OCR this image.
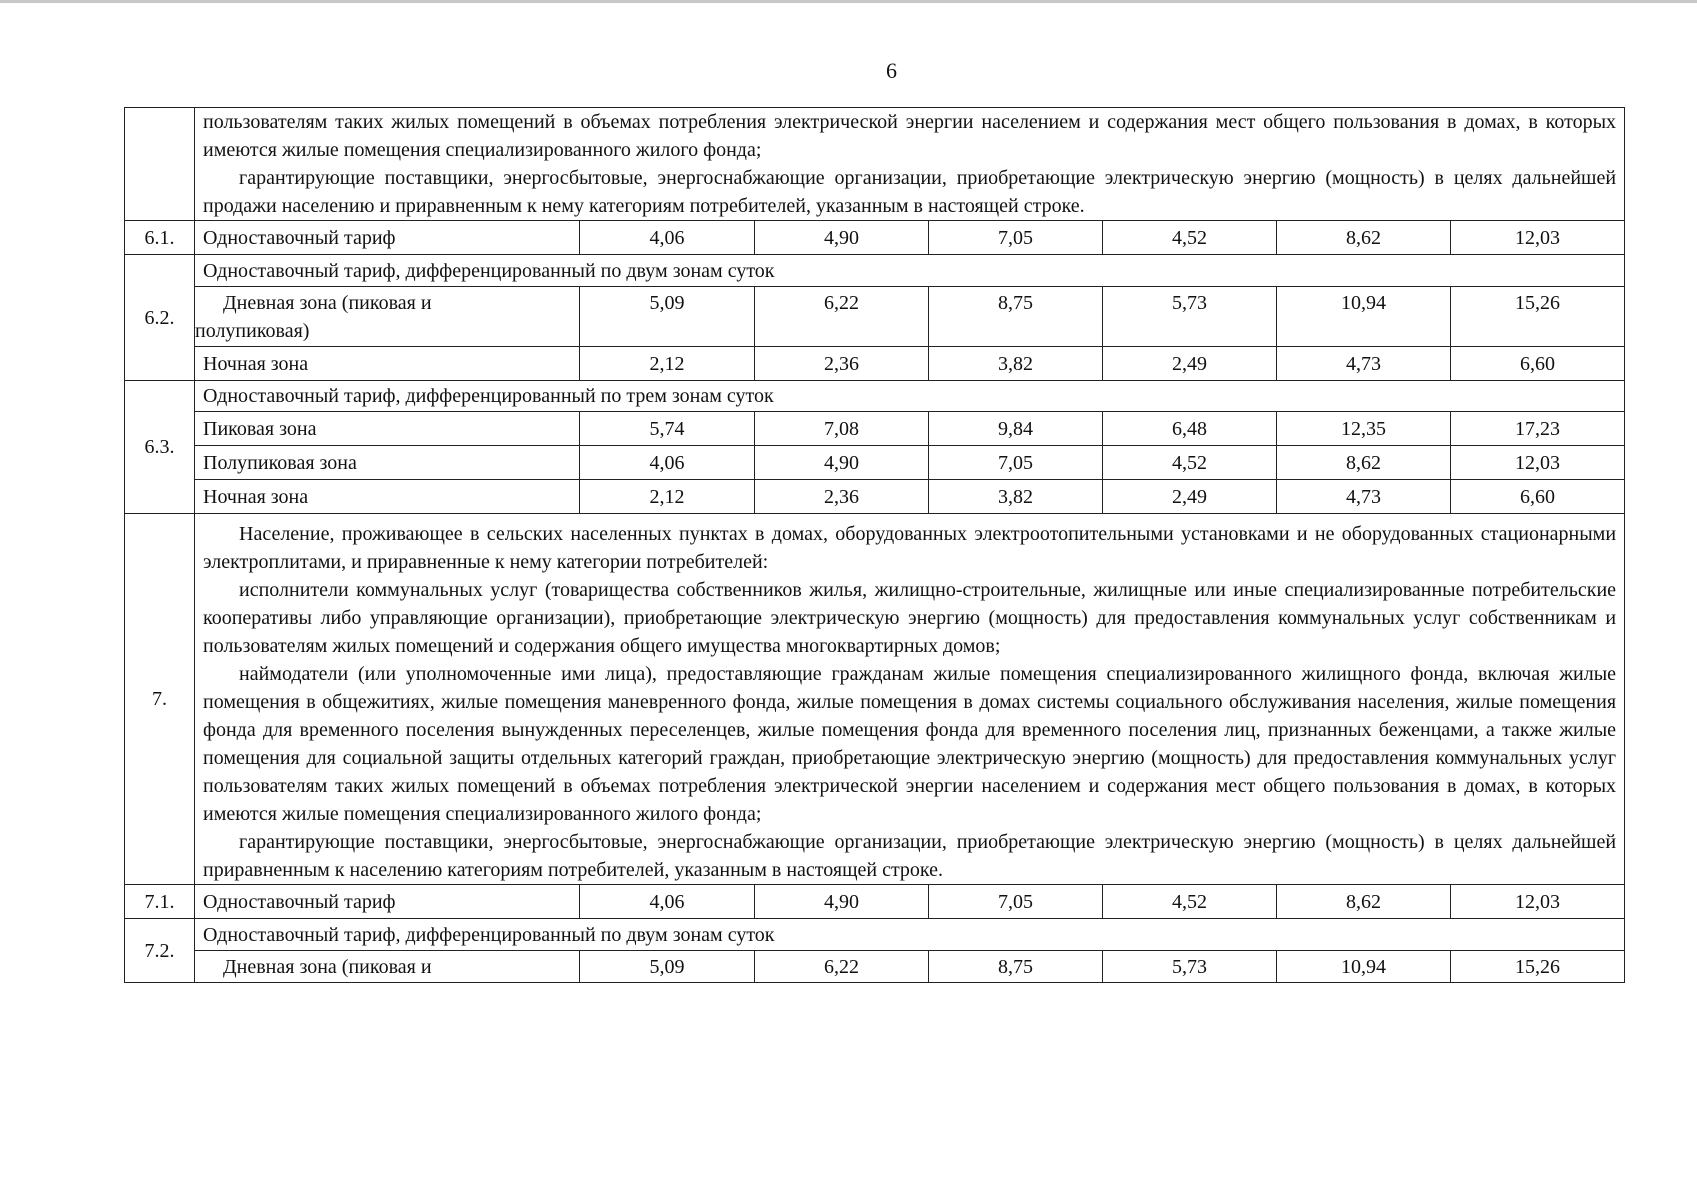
6

	пользователям таких жилых помещений в объемах потребления электрической энергии населением и содержания мест общего пользования в домах, в которых имеются жилые помещения специализированного жилого фонда;

гарантирующие поставщики, энергосбытовые, энергоснабжающие организации, приобретающие электрическую энергию (мощность) в целях дальнейшей продажи населению и приравненным к нему категориям потребителей, указанным в настоящей строке.						

6.1.	Одноставочный тариф	4,06	4,90	7,05	4,52	8,62	12,03
6.2.	Одноставочный тариф, дифференцированный по двум зонам суток						

	Дневная зона (пиковая и
полупиковая)	5,09	6,22	8,75	5,73	10,94	15,26
	Ночная зона	2,12	2,36	3,82	2,49	4,73	6,60
6.3.	Одноставочный тариф, дифференцированный по трем зонам суток						
	Пиковая зона	5,74	7,08	9,84	6,48	12,35	17,23
	Полупиковая зона	4,06	4,90	7,05	4,52	8,62	12,03
	Ночная зона	2,12	2,36	3,82	2,49	4,73	6,60
7.	Население, проживающее в сельских населенных пунктах в домах, оборудованных электроотопительными установками и не оборудованных стационарными электроплитами, и приравненные к нему категории потребителей:

исполнители коммунальных услуг (товарищества собственников жилья, жилищно-строительные, жилищные или иные специализированные потребительские кооперативы либо управляющие организации), приобретающие электрическую энергию (мощность) для предоставления коммунальных услуг собственникам и пользователям жилых помещений и содержания общего имущества многоквартирных домов;

наймодатели (или уполномоченные ими лица), предоставляющие гражданам жилые помещения специализированного жилищного фонда, включая жилые помещения в общежитиях, жилые помещения маневренного фонда, жилые помещения в домах системы социального обслуживания населения, жилые помещения фонда для временного поселения вынужденных переселенцев, жилые помещения фонда для временного поселения лиц, признанных беженцами, а также жилые помещения для социальной защиты отдельных категорий граждан, приобретающие электрическую энергию (мощность) для предоставления коммунальных услуг пользователям таких жилых помещений в объемах потребления электрической энергии населением и содержания мест общего пользования в домах, в которых имеются жилые помещения специализированного жилого фонда;

гарантирующие поставщики, энергосбытовые, энергоснабжающие организации, приобретающие электрическую энергию (мощность) в целях дальнейшей приравненным к населению категориям потребителей, указанным в настоящей строке.						

7.1.	Одноставочный тариф	4,06	4,90	7,05	4,52	8,62	12,03
7.2.	Одноставочный тариф, дифференцированный по двум зонам суток						

	Дневная зона (пиковая и	5,09	6,22	8,75	5,73	10,94	15,26
